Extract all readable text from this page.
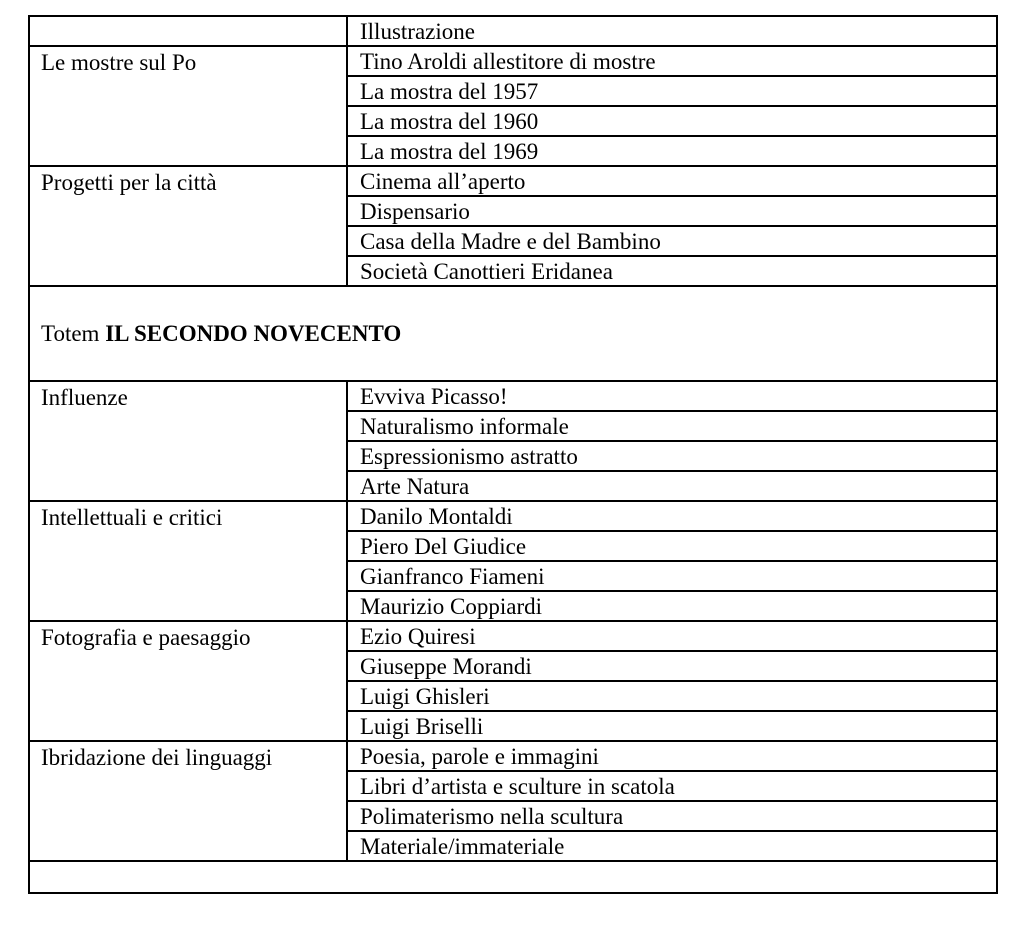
	Illustrazione

Le mostre sul Po	Tino Aroldi allestitore di mostre
	La mostra del 1957
	La mostra del 1960
	La mostra del 1969

Progetti per la città	Cinema all’aperto
	Dispensario
	Casa della Madre e del Bambino
	Società Canottieri Eridanea
Totem IL SECONDO NOVECENTO	

Influenze	Evviva Picasso!
	Naturalismo informale
	Espressionismo astratto
	Arte Natura

Intellettuali e critici	Danilo Montaldi
	Piero Del Giudice
	Gianfranco Fiameni
	Maurizio Coppiardi

Fotografia e paesaggio	Ezio Quiresi
	Giuseppe Morandi
	Luigi Ghisleri
	Luigi Briselli

Ibridazione dei linguaggi	Poesia, parole e immagini
	Libri d’artista e sculture in scatola
	Polimaterismo nella scultura
	Materiale/immateriale
